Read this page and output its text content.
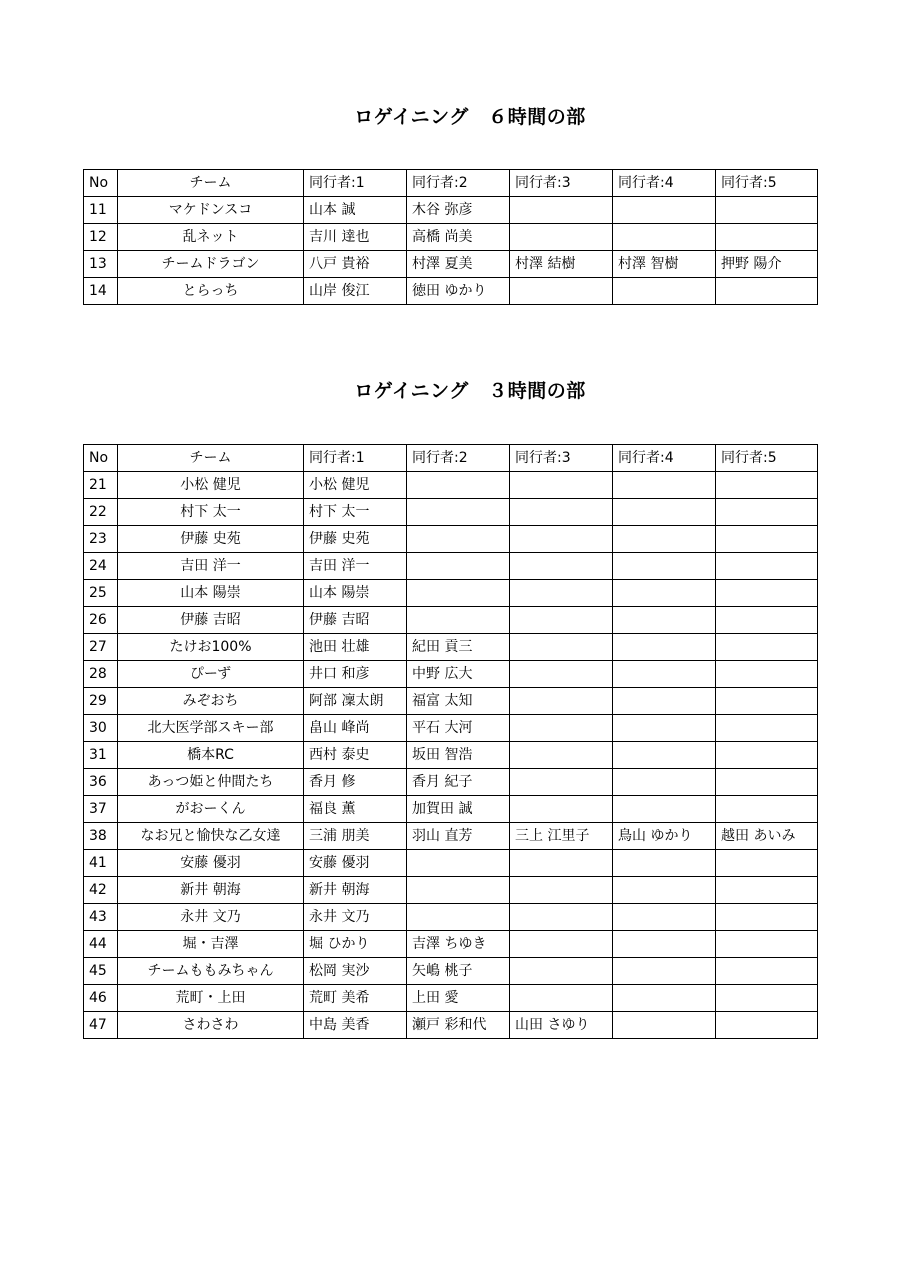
ロゲイニング　６時間の部
No	チーム	同行者:1	同行者:2	同行者:3	同行者:4	同行者:5
11	マケドンスコ	山本 誠	木谷 弥彦			
12	乱ネット	吉川 達也	高橋 尚美			
13	チームドラゴン	八戸 貴裕	村澤 夏美	村澤 結樹	村澤 智樹	押野 陽介
14	とらっち	山岸 俊江	徳田 ゆかり			
ロゲイニング　３時間の部
No	チーム	同行者:1	同行者:2	同行者:3	同行者:4	同行者:5
21	小松 健児	小松 健児				
22	村下 太一	村下 太一				
23	伊藤 史苑	伊藤 史苑				
24	吉田 洋一	吉田 洋一				
25	山本 陽崇	山本 陽崇				
26	伊藤 吉昭	伊藤 吉昭				
27	たけお100%	池田 壮雄	紀田 貢三			
28	ぴーず	井口 和彦	中野 広大			
29	みぞおち	阿部 凜太朗	福富 太知			
30	北大医学部スキー部	畠山 峰尚	平石 大河			
31	橋本RC	西村 泰史	坂田 智浩			
36	あっつ姫と仲間たち	香月 修	香月 紀子			
37	がおーくん	福良 薫	加賀田 誠			
38	なお兄と愉快な乙女達	三浦 朋美	羽山 直芳	三上 江里子	鳥山 ゆかり	越田 あいみ
41	安藤 優羽	安藤 優羽				
42	新井 朝海	新井 朝海				
43	永井 文乃	永井 文乃				
44	堀・吉澤	堀 ひかり	吉澤 ちゆき			
45	チームももみちゃん	松岡 実沙	矢嶋 桃子			
46	荒町・上田	荒町 美希	上田 愛			
47	さわさわ	中島 美香	瀬戸 彩和代	山田 さゆり		
